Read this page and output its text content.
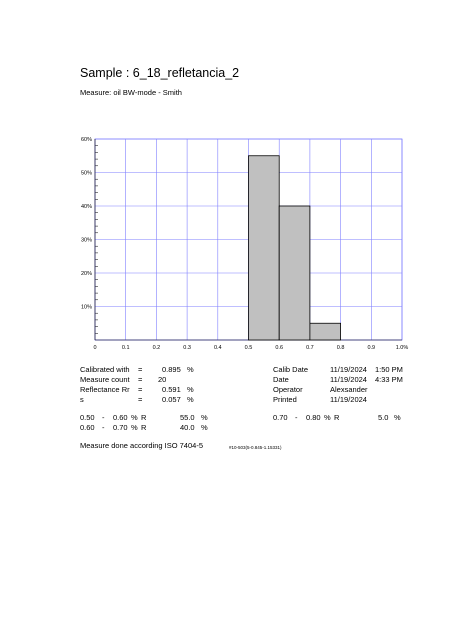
Sample : 6_18_refletancia_2
Measure: oil BW-mode - Smith
0	0.1	0.2	0.3	0.4	0.5	0.6	0.7	0.8	0.9	1.0%
10%
20%
30%
40%
50%
60%
Calibrated with =	0.895 %
Measure count = 20
Reflectance Rr =	0.591 %
s	=	0.057 %
Calib Date	11/19/2024 1:50 PM
Date	11/19/2024 4:33 PM
Operator	Alexsander
Printed	11/19/2024
0.50 - 0.60 % R	55.0 %
0.60 - 0.70 % R	40.0 %
0.70 - 0.80 % R	5.0 %
Measure done according ISO 7404-5	#10-503(5-0.845-1.15331)
